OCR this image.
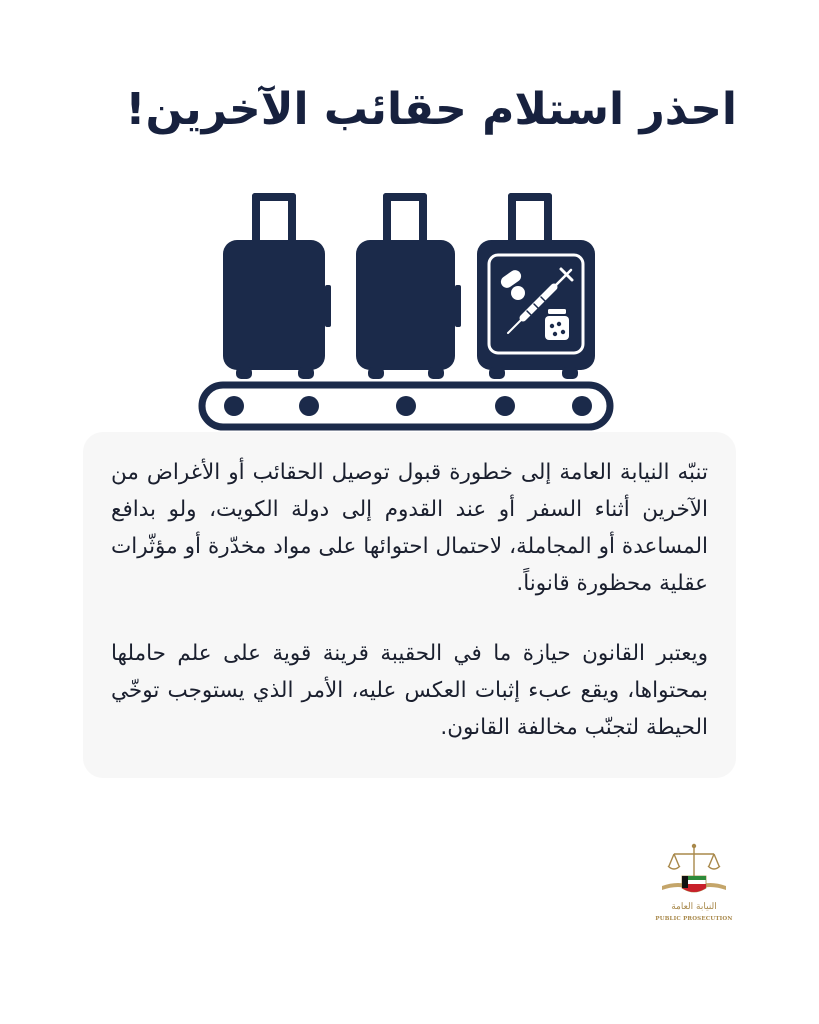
احذر استلام حقائب الآخرين!

تنبّه النيابة العامة إلى خطورة قبول توصيل الحقائب أو الأغراض من الآخرين أثناء السفر أو عند القدوم إلى دولة الكويت، ولو بدافع المساعدة أو المجاملة، لاحتمال احتوائها على مواد مخدّرة أو مؤثّرات عقلية محظورة قانوناً.

ويعتبر القانون حيازة ما في الحقيبة قرينة قوية على علم حاملها بمحتواها، ويقع عبء إثبات العكس عليه، الأمر الذي يستوجب توخّي الحيطة لتجنّب مخالفة القانون.

النيابة العامة
PUBLIC PROSECUTION
